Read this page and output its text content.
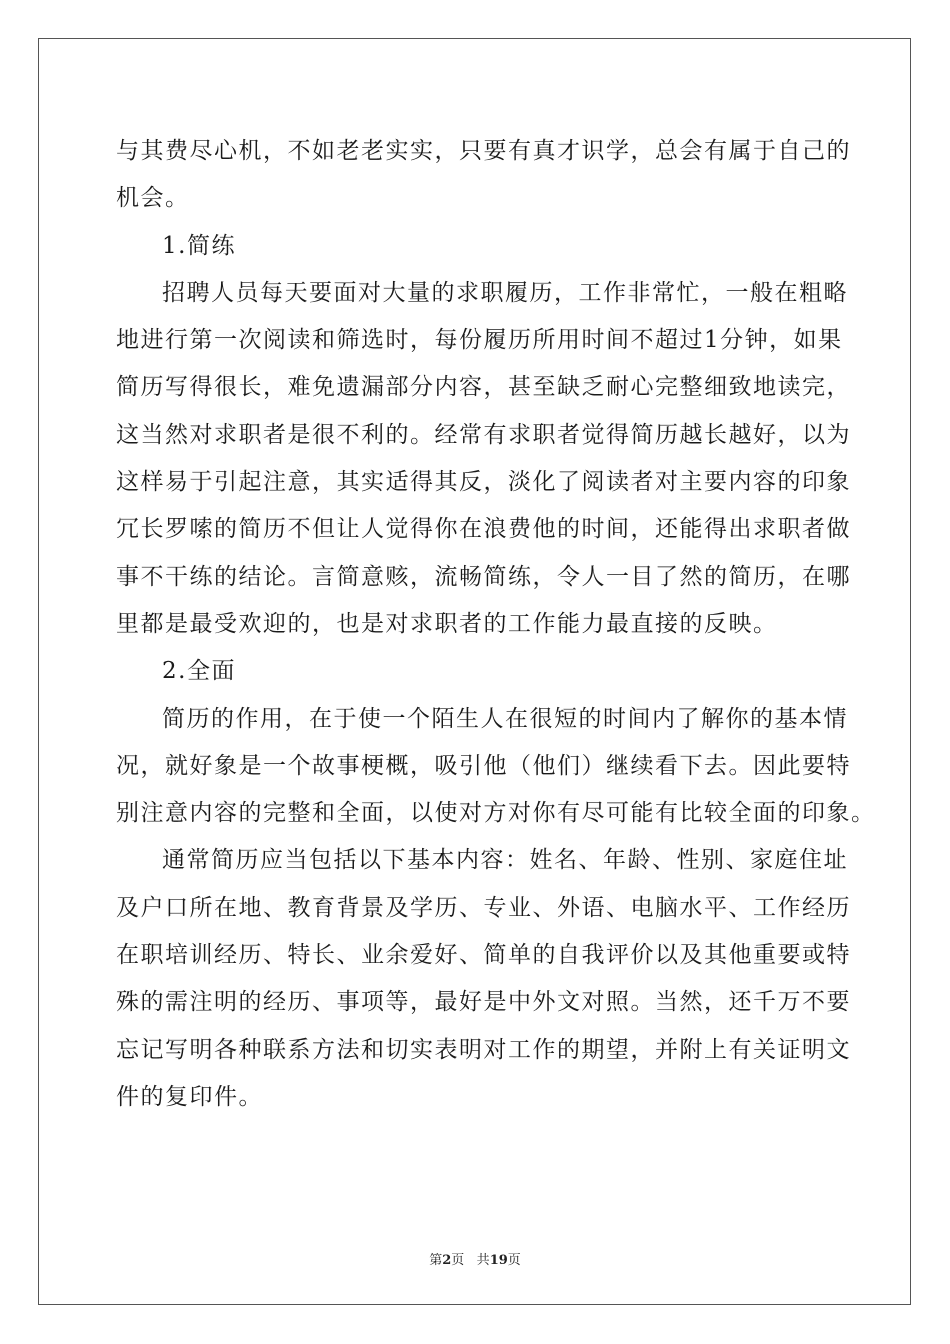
与其费尽心机，不如老老实实，只要有真才识学，总会有属于自己的
机会。
1.简练
招聘人员每天要面对大量的求职履历，工作非常忙，一般在粗略
地进行第一次阅读和筛选时，每份履历所用时间不超过1分钟，如果
简历写得很长，难免遗漏部分内容，甚至缺乏耐心完整细致地读完，
这当然对求职者是很不利的。经常有求职者觉得简历越长越好，以为
这样易于引起注意，其实适得其反，淡化了阅读者对主要内容的印象
冗长罗嗦的简历不但让人觉得你在浪费他的时间，还能得出求职者做
事不干练的结论。言简意赅，流畅简练，令人一目了然的简历，在哪
里都是最受欢迎的，也是对求职者的工作能力最直接的反映。
2.全面
简历的作用，在于使一个陌生人在很短的时间内了解你的基本情
况，就好象是一个故事梗概，吸引他（他们）继续看下去。因此要特
别注意内容的完整和全面，以使对方对你有尽可能有比较全面的印象。
通常简历应当包括以下基本内容：姓名、年龄、性别、家庭住址
及户口所在地、教育背景及学历、专业、外语、电脑水平、工作经历
在职培训经历、特长、业余爱好、简单的自我评价以及其他重要或特
殊的需注明的经历、事项等，最好是中外文对照。当然，还千万不要
忘记写明各种联系方法和切实表明对工作的期望，并附上有关证明文
件的复印件。
第2页 共19页
